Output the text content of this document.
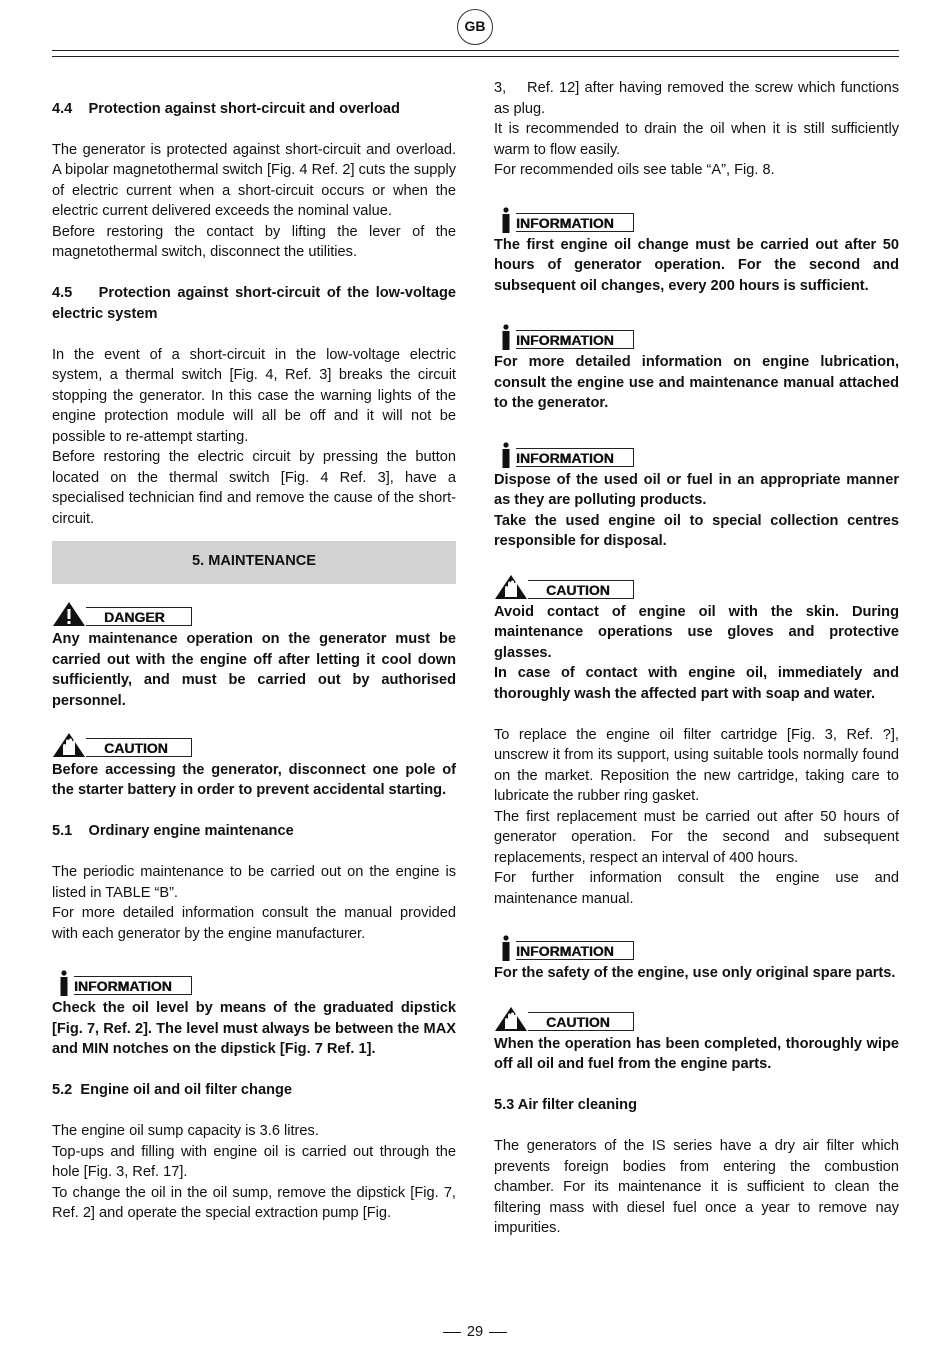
GB
4.4    Protection against short-circuit and overload

The generator is protected against short-circuit and overload. A bipolar magnetothermal switch [Fig. 4 Ref. 2] cuts the supply of electric current when a short-circuit occurs or when the electric current delivered exceeds the nominal value.

Before restoring the contact by lifting the lever of the magnetothermal switch, disconnect the utilities.

4.5    Protection against short-circuit of the low-voltage electric system

In the event of a short-circuit in the low-voltage electric system, a thermal switch [Fig. 4, Ref. 3] breaks the circuit stopping the generator. In this case the warning lights of the engine protection module will all be off and it will not be possible to re-attempt starting.

Before restoring the electric circuit by pressing the button located on the thermal switch [Fig. 4 Ref. 3], have a specialised technician find and remove the cause of the short-circuit.

5. MAINTENANCE
DANGER

Any maintenance operation on the generator must be carried out with the engine off after letting it cool down sufficiently, and must be carried out by authorised personnel.

CAUTION

Before accessing the generator, disconnect one pole of the starter battery in order to prevent accidental starting.

5.1    Ordinary engine maintenance

The periodic maintenance to be carried out on the engine is listed in TABLE “B”.

For more detailed information consult the manual provided with each generator by the engine manufacturer.

INFORMATION

Check the oil level by means of the graduated dipstick [Fig. 7, Ref. 2]. The level must always be between the MAX and MIN notches on the dipstick [Fig. 7 Ref. 1].

5.2  Engine oil and oil filter change

The engine oil sump capacity is 3.6 litres.

Top-ups and filling with engine oil is carried out through the hole [Fig. 3, Ref. 17].

To change the oil in the oil sump, remove the dipstick [Fig. 7, Ref. 2] and operate the special extraction pump [Fig.

3,    Ref. 12] after having removed the screw which functions as plug.

It is recommended to drain the oil when it is still sufficiently warm to flow easily.

For recommended oils see table “A”, Fig. 8.

INFORMATION

The first engine oil change must be carried out after 50 hours of generator operation. For the second and subsequent oil changes, every 200 hours is sufficient.

INFORMATION

For more detailed information on engine lubrication, consult the engine use and maintenance manual attached to the generator.

INFORMATION

Dispose of the used oil or fuel in an appropriate manner as they are polluting products.

Take the used engine oil to special collection centres responsible for disposal.

CAUTION

Avoid contact of engine oil with the skin. During maintenance operations use gloves and protective glasses.

In case of contact with engine oil, immediately and thoroughly wash the affected part with soap and water.

To replace the engine oil filter cartridge [Fig. 3, Ref. ?], unscrew it from its support, using suitable tools normally found on the market. Reposition the new cartridge, taking care to lubricate the rubber ring gasket.

The first replacement must be carried out after 50 hours of generator operation. For the second and subsequent replacements, respect an interval of 400 hours.

For further information consult the engine use and maintenance manual.

INFORMATION

For the safety of the engine, use only original spare parts.

CAUTION

When the operation has been completed, thoroughly wipe off all oil and fuel from the engine parts.

5.3 Air filter cleaning

The generators of the IS series have a dry air filter which prevents foreign bodies from entering the combustion chamber. For its maintenance it is sufficient to clean the filtering mass with diesel fuel once a year to remove nay impurities.

29
